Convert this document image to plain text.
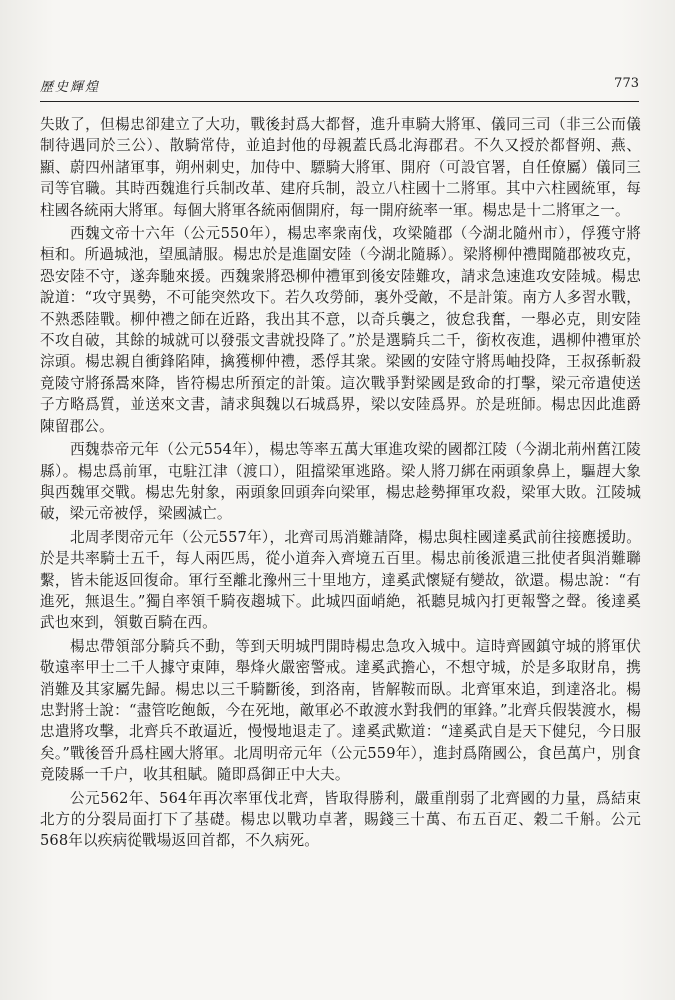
歷史輝煌	773

失敗了，但楊忠卻建立了大功，戰後封爲大都督，進升車騎大將軍、儀同三司（非三公而儀制待遇同於三公）、散騎常侍，並追封他的母親蓋氏爲北海郡君。不久又授於都督朔、燕、顯、蔚四州諸軍事，朔州刺史，加侍中、驃騎大將軍、開府（可設官署，自任僚屬）儀同三司等官職。其時西魏進行兵制改革、建府兵制，設立八柱國十二將軍。其中六柱國統軍，每柱國各統兩大將軍。每個大將軍各統兩個開府，每一開府統率一軍。楊忠是十二將軍之一。

西魏文帝十六年（公元550年），楊忠率衆南伐，攻梁隨郡（今湖北隨州市），俘獲守將桓和。所過城池，望風請服。楊忠於是進圍安陸（今湖北隨縣）。梁將柳仲禮聞隨郡被攻克，恐安陸不守，遂奔馳來援。西魏衆將恐柳仲禮軍到後安陸難攻，請求急速進攻安陸城。楊忠說道：“攻守異勢，不可能突然攻下。若久攻勞師，裏外受敵，不是計策。南方人多習水戰，不熟悉陸戰。柳仲禮之師在近路，我出其不意，以奇兵襲之，彼怠我奮，一舉必克，則安陸不攻自破，其餘的城就可以發張文書就投降了。”於是選騎兵二千，銜枚夜進，遇柳仲禮軍於淙頭。楊忠親自衝鋒陷陣，擒獲柳仲禮，悉俘其衆。梁國的安陸守將馬岫投降，王叔孫斬殺竟陵守將孫暠來降，皆符楊忠所預定的計策。這次戰爭對梁國是致命的打擊，梁元帝遣使送子方略爲質，並送來文書，請求與魏以石城爲界，梁以安陸爲界。於是班師。楊忠因此進爵陳留郡公。

西魏恭帝元年（公元554年），楊忠等率五萬大軍進攻梁的國都江陵（今湖北荊州舊江陵縣）。楊忠爲前軍，屯駐江津（渡口），阻擋梁軍逃路。梁人將刀綁在兩頭象鼻上，驅趕大象與西魏軍交戰。楊忠先射象，兩頭象回頭奔向梁軍，楊忠趁勢揮軍攻殺，梁軍大敗。江陵城破，梁元帝被俘，梁國滅亡。

北周孝閔帝元年（公元557年），北齊司馬消難請降，楊忠與柱國達奚武前往接應援助。於是共率騎士五千，每人兩匹馬，從小道奔入齊境五百里。楊忠前後派遣三批使者與消難聯繫，皆未能返回復命。軍行至離北豫州三十里地方，達奚武懷疑有變故，欲還。楊忠說：“有進死，無退生。”獨自率領千騎夜趨城下。此城四面峭絶，祇聽見城內打更報警之聲。後達奚武也來到，領數百騎在西。

楊忠帶領部分騎兵不動，等到天明城門開時楊忠急攻入城中。這時齊國鎮守城的將軍伏敬遠率甲士二千人據守東陣，舉烽火嚴密警戒。達奚武擔心，不想守城，於是多取財帛，携消難及其家屬先歸。楊忠以三千騎斷後，到洛南，皆解鞍而臥。北齊軍來追，到達洛北。楊忠對將士說：“盡管吃飽飯，今在死地，敵軍必不敢渡水對我們的軍鋒。”北齊兵假裝渡水，楊忠遣將攻擊，北齊兵不敢逼近，慢慢地退走了。達奚武歎道：“達奚武自是天下健兒，今日服矣。”戰後晉升爲柱國大將軍。北周明帝元年（公元559年），進封爲隋國公，食邑萬户，別食竟陵縣一千户，收其租賦。隨即爲御正中大夫。

公元562年、564年再次率軍伐北齊，皆取得勝利，嚴重削弱了北齊國的力量，爲結束北方的分裂局面打下了基礎。楊忠以戰功卓著，賜錢三十萬、布五百疋、穀二千斛。公元568年以疾病從戰場返回首都，不久病死。
